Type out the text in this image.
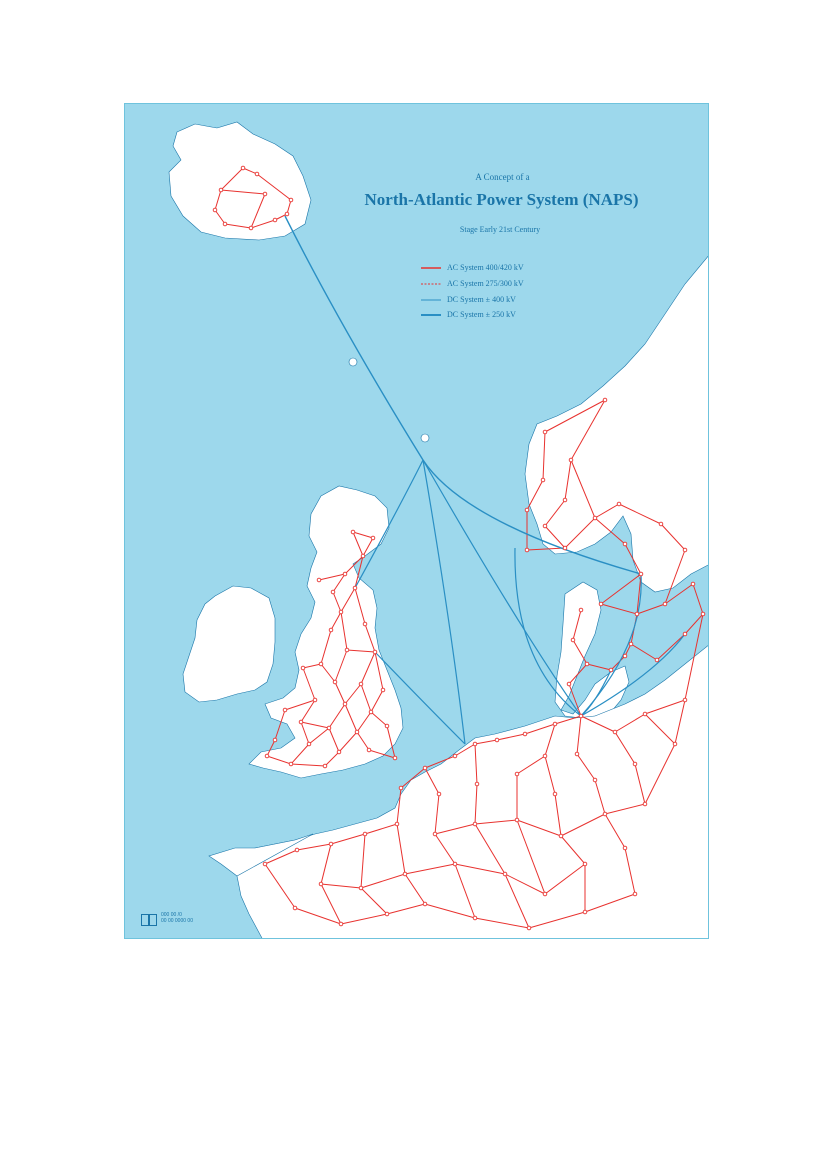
A Concept of a
North-Atlantic Power System (NAPS)
Stage Early 21st Century
AC System 400/420 kV
AC System 275/300 kV
DC System ± 400 kV
DC System ± 250 kV
000 00 /0
00 00 0000 00
